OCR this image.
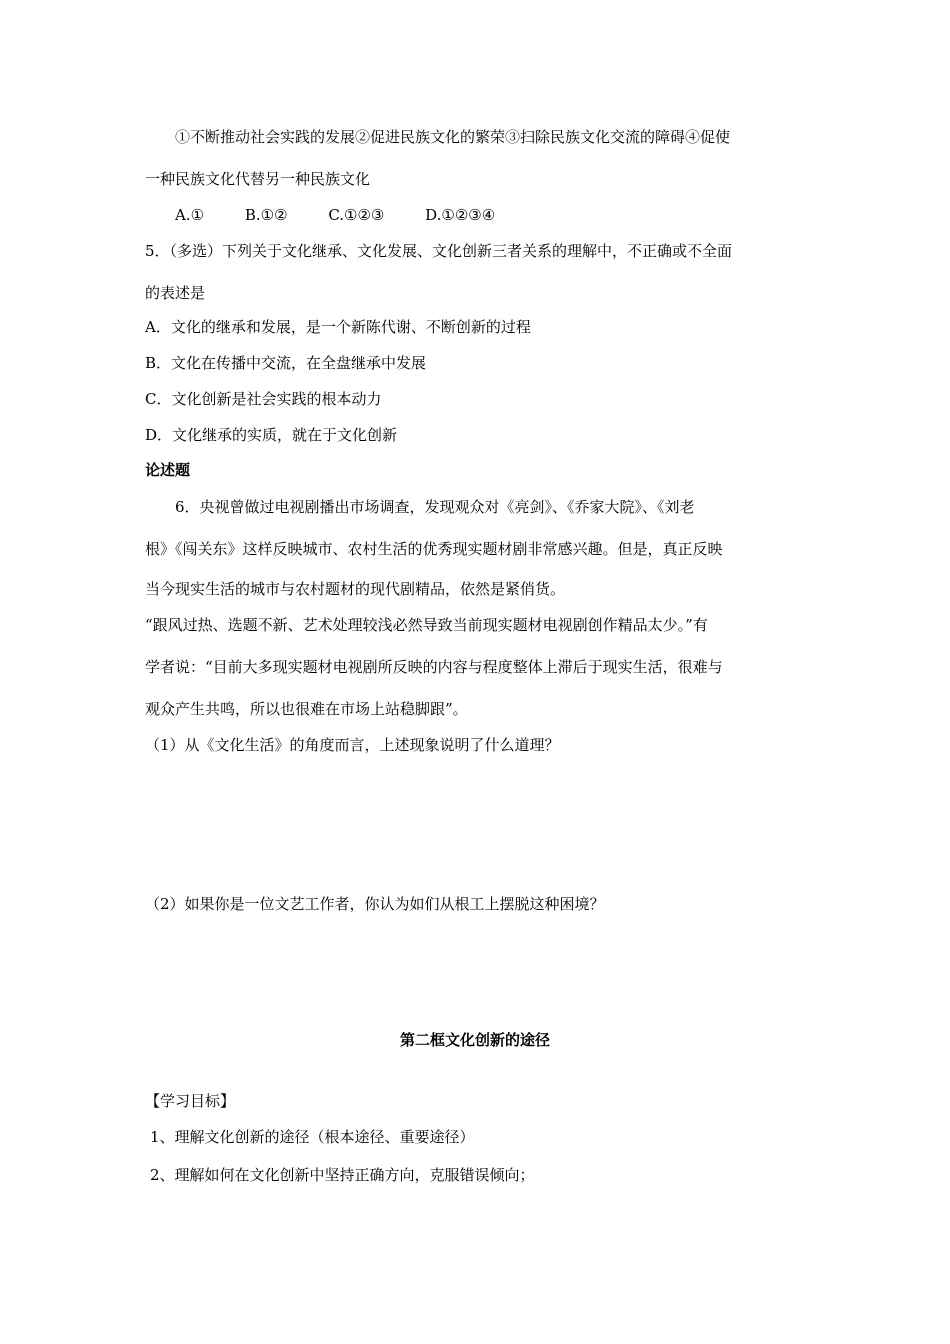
①不断推动社会实践的发展②促进民族文化的繁荣③扫除民族文化交流的障碍④促使
一种民族文化代替另一种民族文化
A.①	B.①②	C.①②③	D.①②③④
5．（多选）下列关于文化继承、文化发展、文化创新三者关系的理解中，不正确或不全面
的表述是
A．文化的继承和发展，是一个新陈代谢、不断创新的过程
B．文化在传播中交流，在全盘继承中发展
C．文化创新是社会实践的根本动力
D．文化继承的实质，就在于文化创新
论述题
6．央视曾做过电视剧播出市场调查，发现观众对《亮剑》、《乔家大院》、《刘老
根》《闯关东》这样反映城市、农村生活的优秀现实题材剧非常感兴趣。但是，真正反映
当今现实生活的城市与农村题材的现代剧精品，依然是紧俏货。
“跟风过热、选题不新、艺术处理较浅必然导致当前现实题材电视剧创作精品太少。”有
学者说：“目前大多现实题材电视剧所反映的内容与程度整体上滞后于现实生活，很难与
观众产生共鸣，所以也很难在市场上站稳脚跟”。
（1）从《文化生活》的角度而言，上述现象说明了什么道理？
（2）如果你是一位文艺工作者，你认为如们从根工上摆脱这种困境？
第二框文化创新的途径
【学习目标】
1、理解文化创新的途径（根本途径、重要途径）
2、理解如何在文化创新中坚持正确方向，克服错误倾向；
